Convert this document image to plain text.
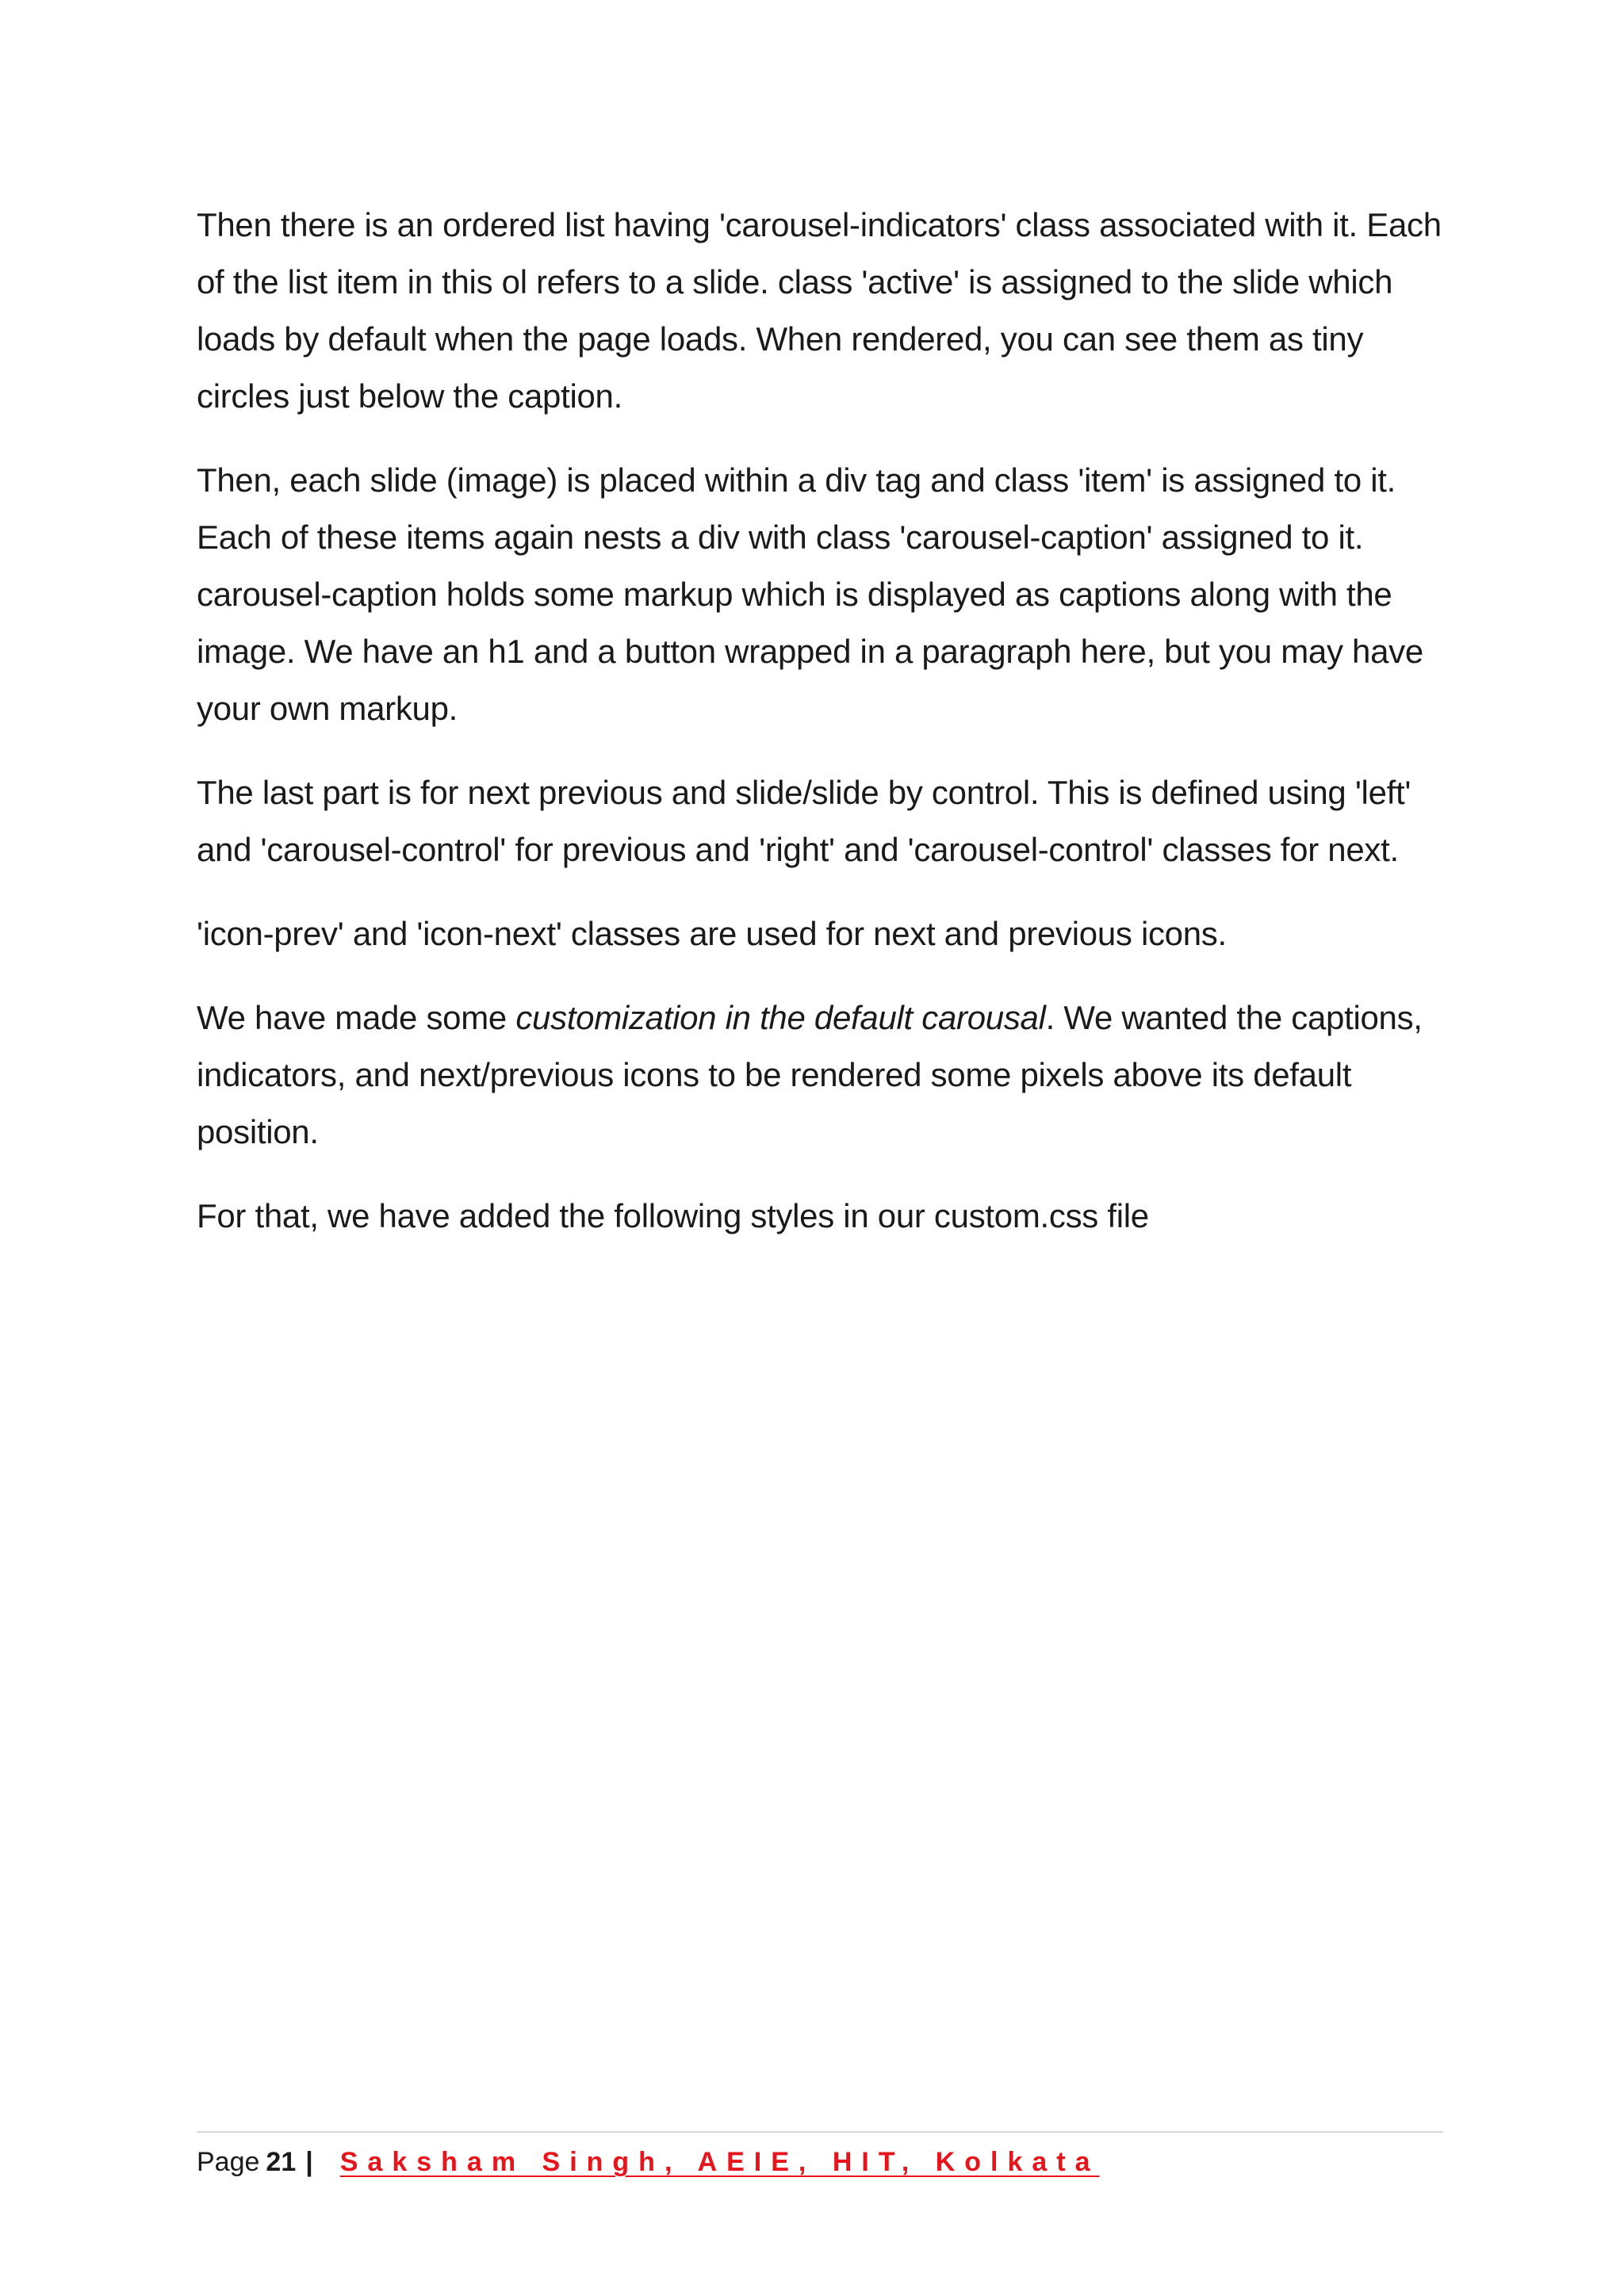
Then there is an ordered list having 'carousel-indicators' class associated with it. Each of the list item in this ol refers to a slide. class 'active' is assigned to the slide which loads by default when the page loads. When rendered, you can see them as tiny circles just below the caption.

Then, each slide (image) is placed within a div tag and class 'item' is assigned to it. Each of these items again nests a div with class 'carousel-caption' assigned to it. carousel-caption holds some markup which is displayed as captions along with the image. We have an h1 and a button wrapped in a paragraph here, but you may have your own markup.

The last part is for next previous and slide/slide by control. This is defined using 'left' and 'carousel-control' for previous and 'right' and 'carousel-control' classes for next.

'icon-prev' and 'icon-next' classes are used for next and previous icons.

We have made some customization in the default carousal. We wanted the captions, indicators, and next/previous icons to be rendered some pixels above its default position.

For that, we have added the following styles in our custom.css file

Page 21 | Saksham Singh, AEIE, HIT, Kolkata
